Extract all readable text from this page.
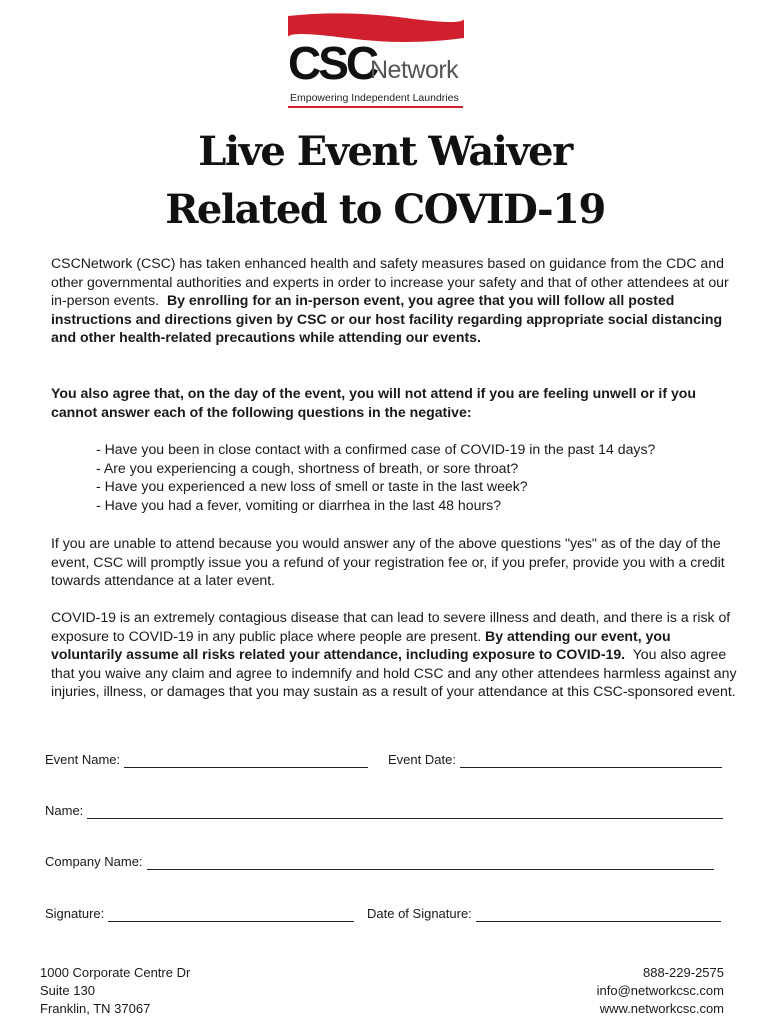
CSC
Network
Empowering Independent Laundries
Live Event Waiver
Related to COVID-19

CSCNetwork (CSC) has taken enhanced health and safety measures based on guidance from the CDC and other governmental authorities and experts in order to increase your safety and that of other attendees at our in-person events. By enrolling for an in-person event, you agree that you will follow all posted instructions and directions given by CSC or our host facility regarding appropriate social distancing and other health-related precautions while attending our events.

You also agree that, on the day of the event, you will not attend if you are feeling unwell or if you cannot answer each of the following questions in the negative:

- Have you been in close contact with a confirmed case of COVID-19 in the past 14 days?
- Are you experiencing a cough, shortness of breath, or sore throat?
- Have you experienced a new loss of smell or taste in the last week?
- Have you had a fever, vomiting or diarrhea in the last 48 hours?

If you are unable to attend because you would answer any of the above questions "yes" as of the day of the event, CSC will promptly issue you a refund of your registration fee or, if you prefer, provide you with a credit towards attendance at a later event.

COVID-19 is an extremely contagious disease that can lead to severe illness and death, and there is a risk of exposure to COVID-19 in any public place where people are present. By attending our event, you voluntarily assume all risks related your attendance, including exposure to COVID-19. You also agree that you waive any claim and agree to indemnify and hold CSC and any other attendees harmless against any injuries, illness, or damages that you may sustain as a result of your attendance at this CSC-sponsored event.

Event Name:	Event Date:
Name:
Company Name:
Signature:	Date of Signature:
1000 Corporate Centre Dr
Suite 130
Franklin, TN 37067
888-229-2575
info@networkcsc.com
www.networkcsc.com
